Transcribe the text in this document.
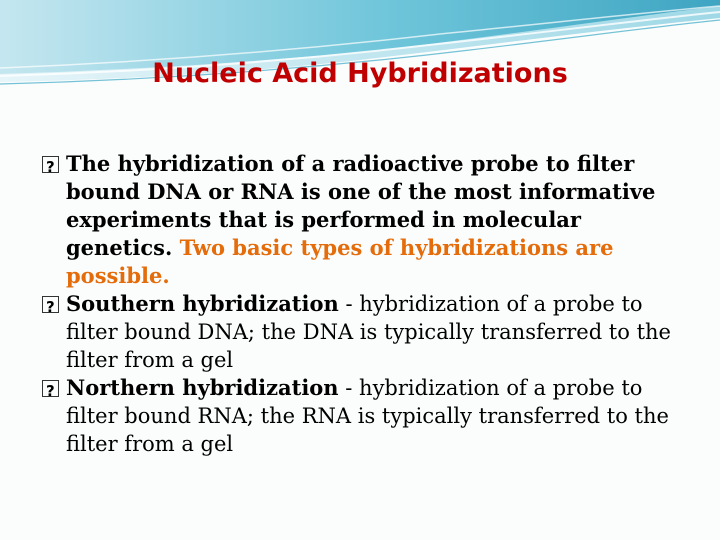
Nucleic Acid Hybridizations

?
The hybridization of a radioactive probe to filter bound DNA or RNA is one of the most informative experiments that is performed in molecular genetics. Two basic types of hybridizations are possible.

?
Southern hybridization - hybridization of a probe to filter bound DNA; the DNA is typically transferred to the filter from a gel

?
Northern hybridization - hybridization of a probe to filter bound RNA; the RNA is typically transferred to the filter from a gel
